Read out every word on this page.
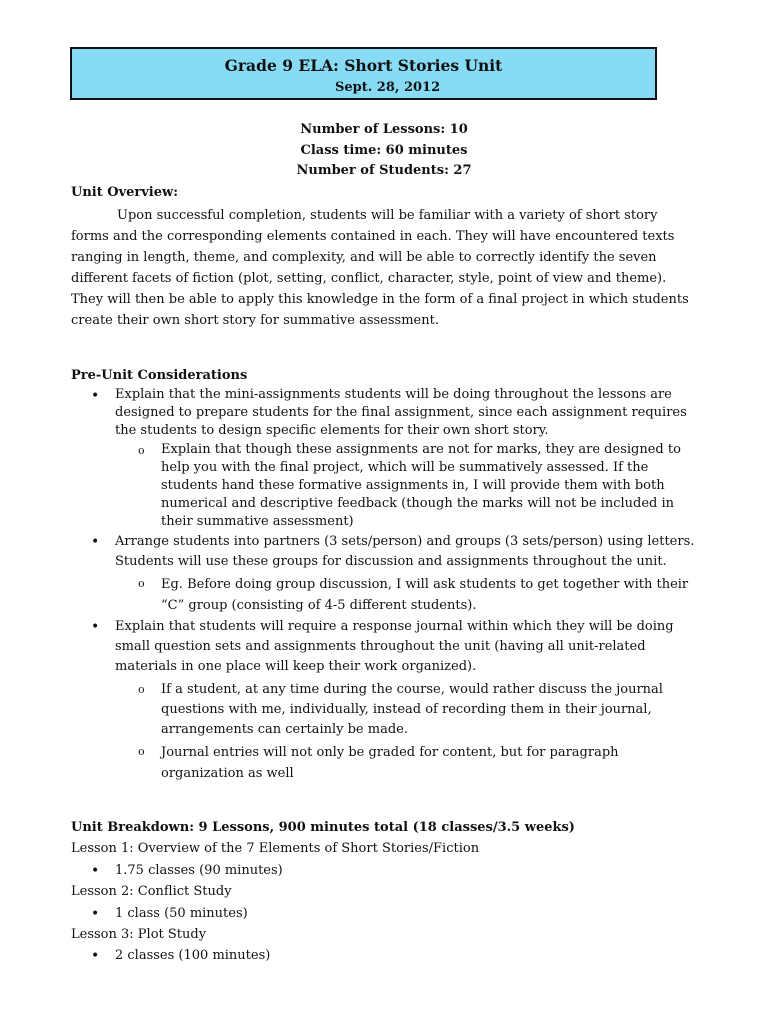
Grade 9 ELA: Short Stories Unit
Sept. 28, 2012
Number of Lessons: 10
Class time: 60 minutes
Number of Students: 27
Unit Overview:

Upon successful completion, students will be familiar with a variety of short story forms and the corresponding elements contained in each. They will have encountered texts ranging in length, theme, and complexity, and will be able to correctly identify the seven different facets of fiction (plot, setting, conflict, character, style, point of view and theme). They will then be able to apply this knowledge in the form of a final project in which students create their own short story for summative assessment.

Pre-Unit Considerations
•
Explain that the mini-assignments students will be doing throughout the lessons are designed to prepare students for the final assignment, since each assignment requires the students to design specific elements for their own short story.
o
Explain that though these assignments are not for marks, they are designed to help you with the final project, which will be summatively assessed. If the students hand these formative assignments in, I will provide them with both numerical and descriptive feedback (though the marks will not be included in their summative assessment)
•
Arrange students into partners (3 sets/person) and groups (3 sets/person) using letters. Students will use these groups for discussion and assignments throughout the unit.
o
Eg. Before doing group discussion, I will ask students to get together with their “C” group (consisting of 4-5 different students).
•
Explain that students will require a response journal within which they will be doing small question sets and assignments throughout the unit (having all unit-related materials in one place will keep their work organized).
o
If a student, at any time during the course, would rather discuss the journal questions with me, individually, instead of recording them in their journal, arrangements can certainly be made.
o
Journal entries will not only be graded for content, but for paragraph organization as well
Unit Breakdown: 9 Lessons, 900 minutes total (18 classes/3.5 weeks)
Lesson 1: Overview of the 7 Elements of Short Stories/Fiction
•
1.75 classes (90 minutes)
Lesson 2: Conflict Study
•
1 class (50 minutes)
Lesson 3: Plot Study
•
2 classes (100 minutes)
